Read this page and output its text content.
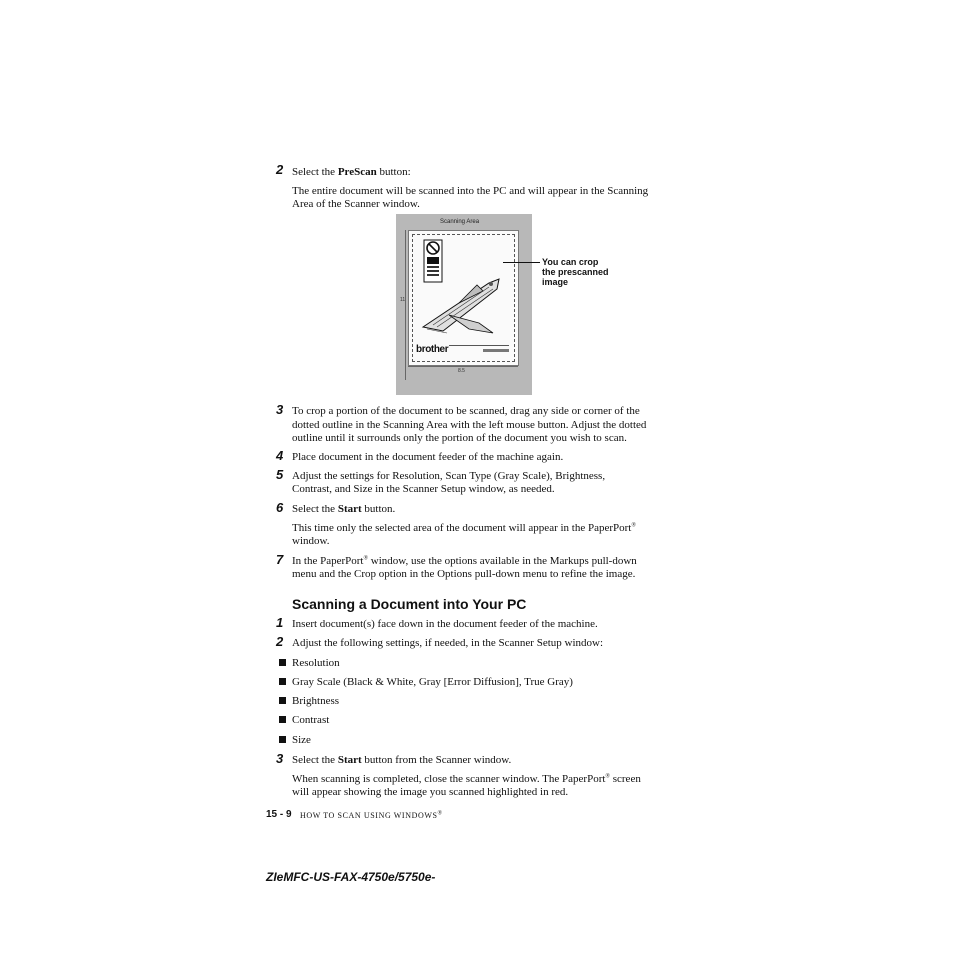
2 Select the PreScan button:
The entire document will be scanned into the PC and will appear in the Scanning
Area of the Scanner window.
Scanning Area
11
brother
8.5
You can crop
the prescanned
image
3 To crop a portion of the document to be scanned, drag any side or corner of the
dotted outline in the Scanning Area with the left mouse button. Adjust the dotted
outline until it surrounds only the portion of the document you wish to scan.
4 Place document in the document feeder of the machine again.
5 Adjust the settings for Resolution, Scan Type (Gray Scale), Brightness,
Contrast, and Size in the Scanner Setup window, as needed.
6 Select the Start button.
This time only the selected area of the document will appear in the PaperPort®
window.
7 In the PaperPort® window, use the options available in the Markups pull-down
menu and the Crop option in the Options pull-down menu to refine the image.
Scanning a Document into Your PC
1 Insert document(s) face down in the document feeder of the machine.
2 Adjust the following settings, if needed, in the Scanner Setup window:
Resolution
Gray Scale (Black & White, Gray [Error Diffusion], True Gray)
Brightness
Contrast
Size
3 Select the Start button from the Scanner window.
When scanning is completed, close the scanner window. The PaperPort® screen
will appear showing the image you scanned highlighted in red.
15 - 9 HOW TO SCAN USING WINDOWS®
ZIeMFC-US-FAX-4750e/5750e-
